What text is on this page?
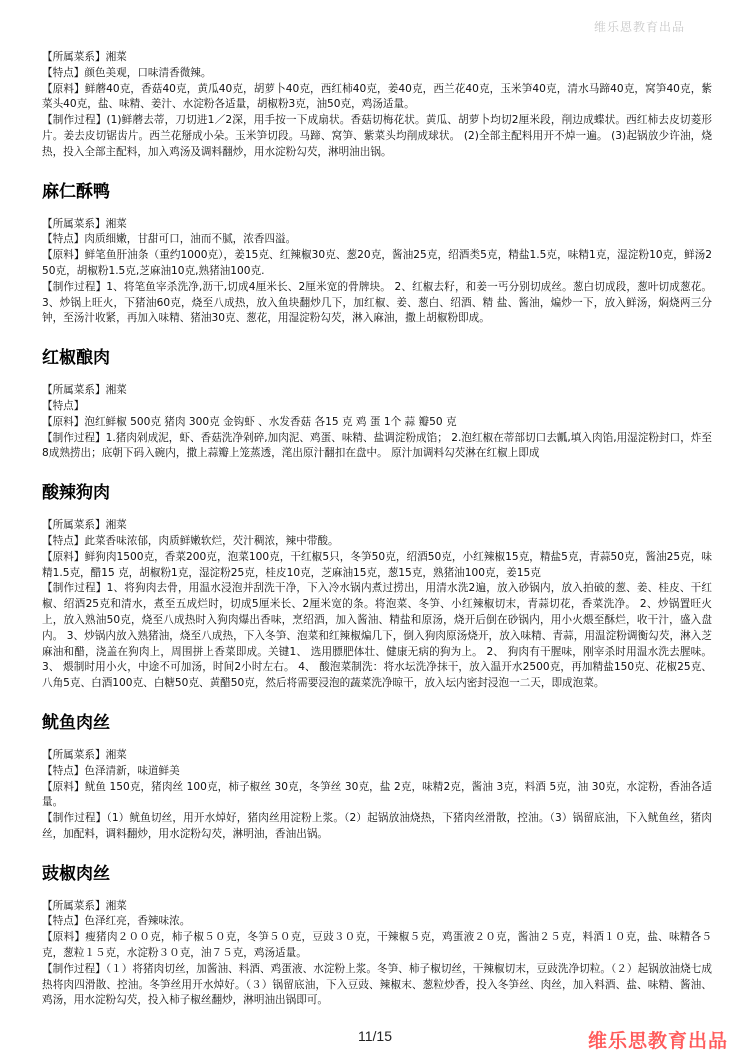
维乐恩教育出品

【所属菜系】湘菜

【特点】颜色美观，口味清香微辣。

【原料】鲜蘑40克，香菇40克，黄瓜40克，胡萝卜40克，西红柿40克，姜40克，西兰花40克，玉米笋40克，清水马蹄40克，窝笋40克，紫菜头40克，盐、味精、姜汁、水淀粉各适量，胡椒粉3克，油50克，鸡汤适量。

【制作过程】(1)鲜蘑去蒂，刀切进1／2深，用手按一下成扇状。香菇切梅花状。黄瓜、胡萝卜均切2厘米段，削边成蝶状。西红柿去皮切菱形片。姜去皮切锯齿片。西兰花掰成小朵。玉米笋切段。马蹄、窝笋、紫菜头均削成球状。 (2)全部主配料用开不焯一遍。 (3)起锅放少许油，烧热，投入全部主配料，加入鸡汤及调料翻炒，用水淀粉勾芡，淋明油出锅。

麻仁酥鸭

【所属菜系】湘菜

【特点】肉质细嫩，甘甜可口，油而不腻，浓香四溢。

【原料】鲜笔鱼肝油条（重约1000克），姜15克、红辣椒30克、葱20克，酱油25克，绍酒类5克，精盐1.5克，味精1克，湿淀粉10克，鲜汤250克，胡椒粉1.5克,芝麻油10克,熟猪油100克.

【制作过程】1、将笔鱼宰杀洗净,沥干,切成4厘米长、2厘米宽的骨牌块。 2、红椒去籽，和姜一丐分别切成丝。葱白切成段，葱叶切成葱花。 3、炒锅上旺火，下猪油60克，烧至八成热，放入鱼块翻炒几下，加红椒、姜、葱白、绍酒、精 盐、酱油，煸炒一下，放入鲜汤，焖烧两三分钟，至汤汁收紧，再加入味精、猪油30克、葱花，用湿淀粉勾芡，淋入麻油，撒上胡椒粉即成。

红椒酿肉

【所属菜系】湘菜

【特点】

【原料】泡红鲜椒 500克 猪肉 300克 金钩虾 、水发香菇 各15 克 鸡 蛋 1个 蒜 瓣50 克

【制作过程】1.猪肉剁成泥，虾、香菇洗净剁碎,加肉泥、鸡蛋、味精、盐调淀粉成馅； 2.泡红椒在蒂部切口去瓤,填入肉馅,用湿淀粉封口，炸至8成熟捞出；底朝下码入碗内，撒上蒜瓣上笼蒸透，滗出原汁翻扣在盘中。 原汁加调料勾芡淋在红椒上即成

酸辣狗肉

【所属菜系】湘菜

【特点】此菜香味浓郁，肉质鲜嫩软烂，芡汁稠浓，辣中带酸。

【原料】鲜狗肉1500克，香菜200克，泡菜100克，干红椒5只，冬笋50克，绍酒50克，小红辣椒15克，精盐5克，青蒜50克，酱油25克，味精1.5克，醋15 克，胡椒粉1克，湿淀粉25克，桂皮10克，芝麻油15克，葱15克，熟猪油100克，姜15克

【制作过程】1、将狗肉去骨，用温水浸泡并刮洗干净，下入冷水锅内煮过捞出，用清水洗2遍，放入砂锅内，放入拍破的葱、姜、桂皮、干红椒、绍酒25克和清水，煮至五成烂时，切成5厘米长、2厘米宽的条。将泡菜、冬笋、小红辣椒切末，青蒜切花，香菜洗净。 2、炒锅置旺火上，放入熟油50克，烧至八成热时入狗肉爆出香味，烹绍酒，加入酱油、精盐和原汤，烧开后倒在砂锅内，用小火煨至酥烂，收干汁，盛入盘内。 3、炒锅内放入熟猪油，烧至八成热，下入冬笋、泡菜和红辣椒煸几下，倒入狗肉原汤烧开，放入味精、青蒜，用温淀粉调衡勾芡，淋入芝麻油和醋，浇盖在狗肉上，周围拼上香菜即成。关键1、 选用膘肥体壮、健康无病的狗为上。 2、 狗肉有干腥味，刚宰杀时用温水洗去腥味。 3、 煨制时用小火，中途不可加汤，时间2小时左右。 4、 酸泡菜制洗：将水坛洗净抹干，放入温开水2500克，再加精盐150克、花椒25克、八角5克、白酒100克、白糖50克、黄醋50克，然后将需要浸泡的蔬菜洗净晾干，放入坛内密封浸泡一二天，即成泡菜。

鱿鱼肉丝

【所属菜系】湘菜

【特点】色泽清新，味道鲜美

【原料】鱿鱼 150克，猪肉丝 100克，柿子椒丝 30克，冬笋丝 30克，盐 2克，味精2克，酱油 3克，料酒 5克，油 30克，水淀粉，香油各适量。

【制作过程】（1）鱿鱼切丝，用开水焯好，猪肉丝用淀粉上浆。（2）起锅放油烧热，下猪肉丝滑散，控油。（3）锅留底油，下入鱿鱼丝，猪肉丝，加配料，调料翻炒，用水淀粉勾芡，淋明油，香油出锅。

豉椒肉丝

【所属菜系】湘菜

【特点】色泽红亮，香辣味浓。

【原料】瘦猪肉２００克，柿子椒５０克，冬笋５０克，豆豉３０克，干辣椒５克，鸡蛋液２０克，酱油２５克，料酒１０克，盐、味精各５克，葱粒１５克，水淀粉３０克，油７５克，鸡汤适量。

【制作过程】（１）将猪肉切丝，加酱油、料酒、鸡蛋液、水淀粉上浆。冬笋、柿子椒切丝，干辣椒切末，豆豉洗净切粒。（２）起锅放油烧七成热将肉四滑散、控油。冬笋丝用开水焯好。（３）锅留底油，下入豆豉、辣椒末、葱粒炒香，投入冬笋丝、肉丝，加入料酒、盐、味精、酱油、鸡汤，用水淀粉勾芡，投入柿子椒丝翻炒，淋明油出锅即可。

11/15	维乐思教育出品
